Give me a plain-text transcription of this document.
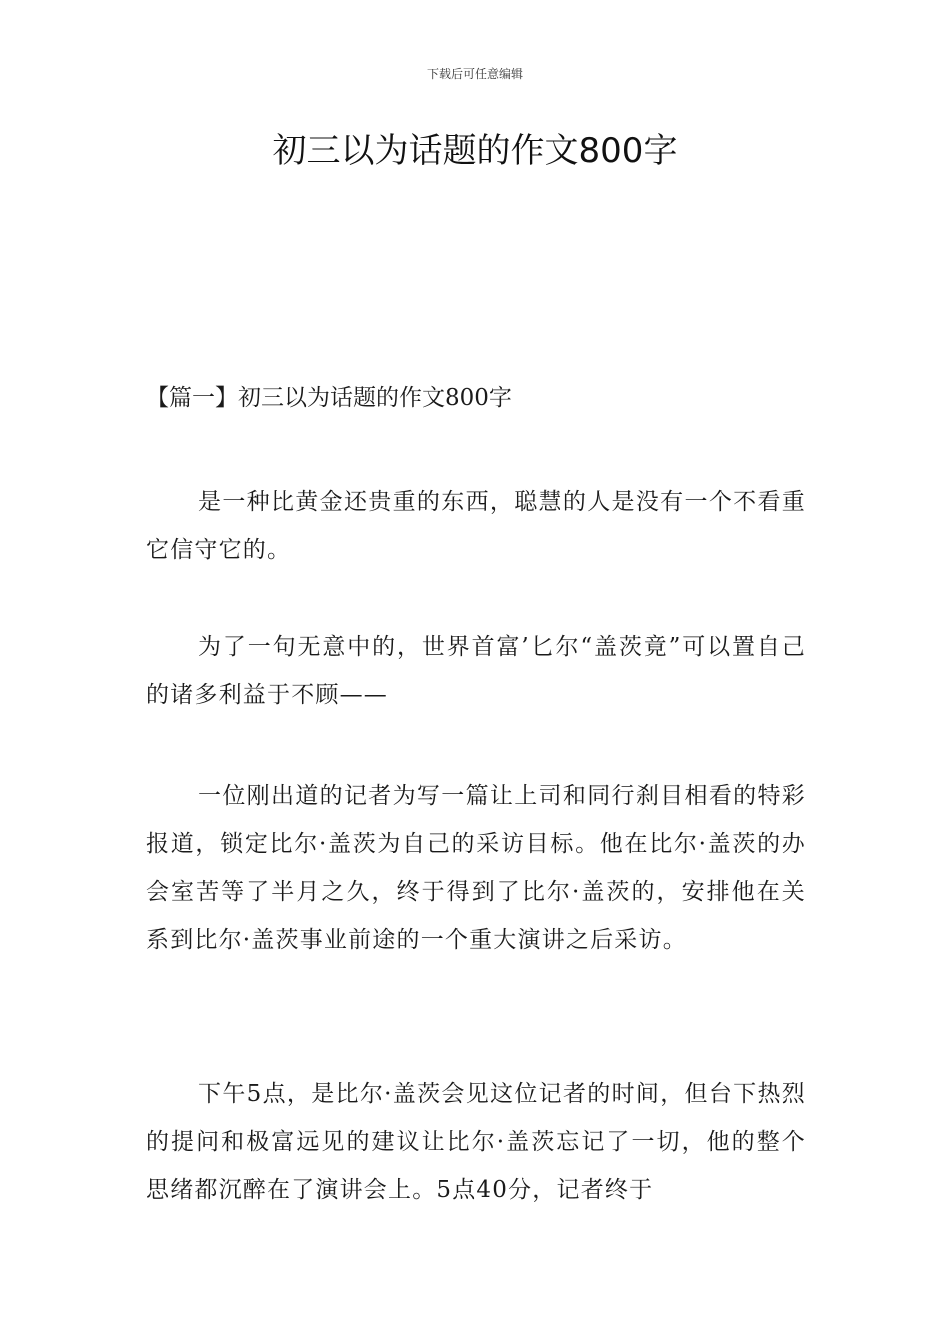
下载后可任意编辑
初三以为话题的作文800字
【篇一】初三以为话题的作文800字

是一种比黄金还贵重的东西，聪慧的人是没有一个不看重它信守它的。

为了一句无意中的，世界首富’匕尔“盖茨竟”可以置自己的诸多利益于不顾——

一位刚出道的记者为写一篇让上司和同行刹目相看的特彩报道，锁定比尔·盖茨为自己的采访目标。他在比尔·盖茨的办会室苦等了半月之久，终于得到了比尔·盖茨的，安排他在关系到比尔·盖茨事业前途的一个重大演讲之后采访。

下午5点，是比尔·盖茨会见这位记者的时间，但台下热烈的提问和极富远见的建议让比尔·盖茨忘记了一切，他的整个思绪都沉醉在了演讲会上。5点40分，记者终于
